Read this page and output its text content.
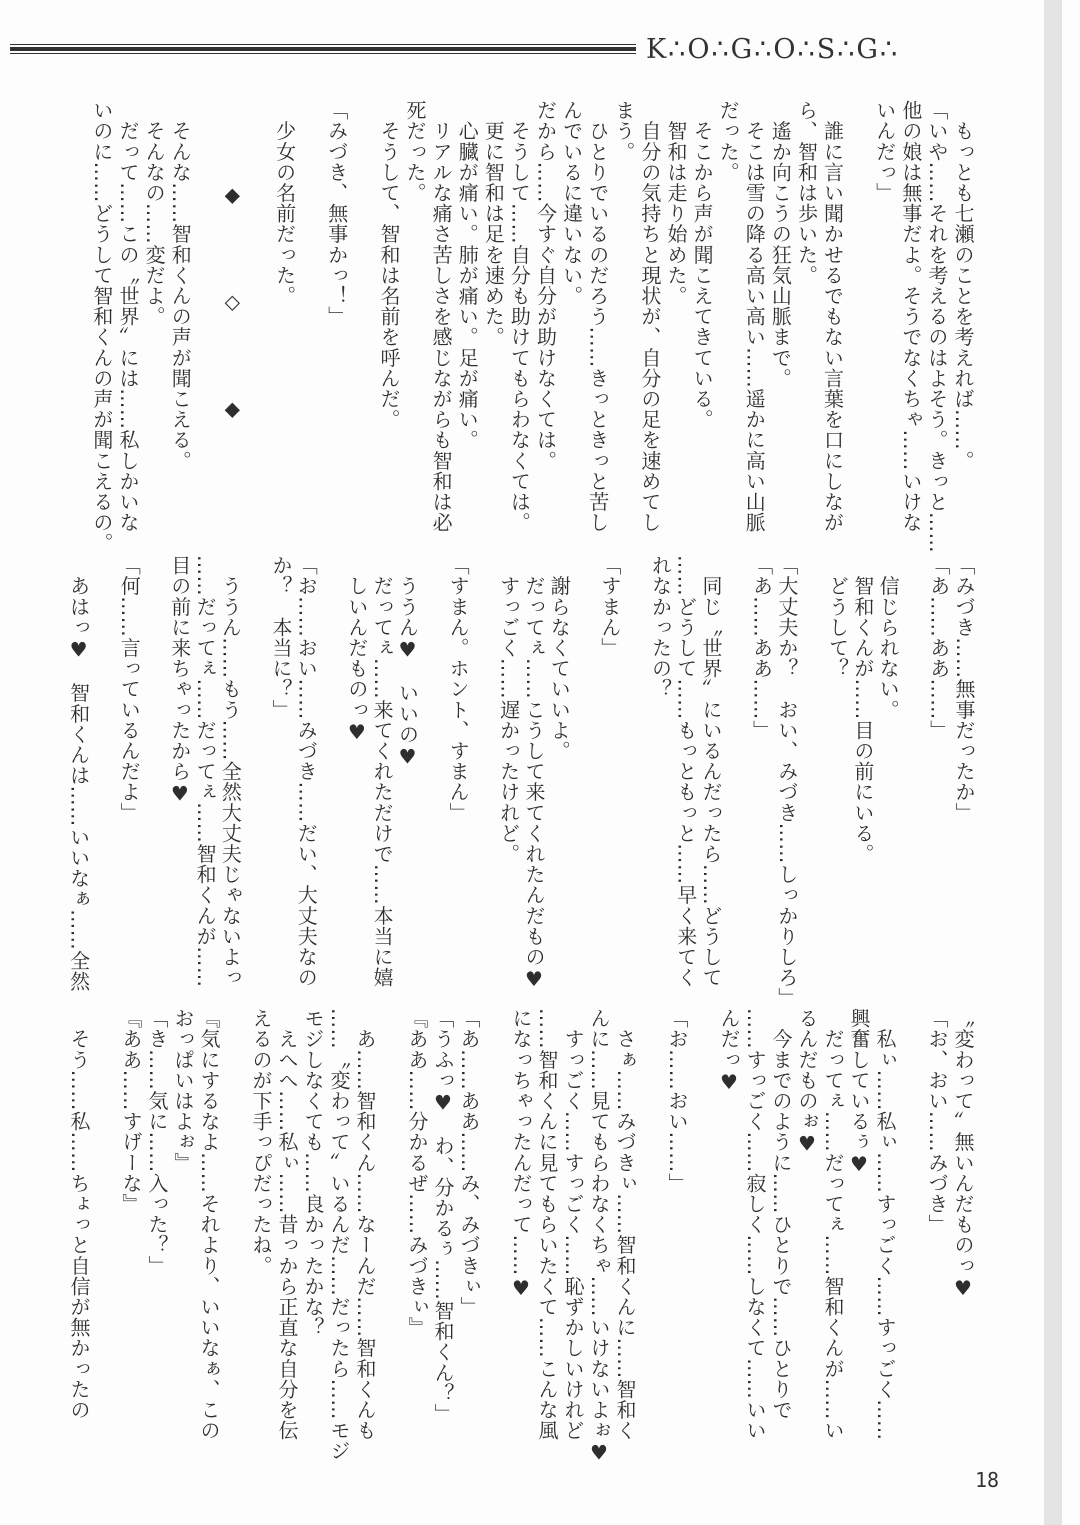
K∴O∴G∴O∴S∴G∴
　もっとも七瀬のことを考えれば……。
「いや……それを考えるのはよそう。きっと……
他の娘は無事だよ。そうでなくちゃ……いけな
いんだっ」
　誰に言い聞かせるでもない言葉を口にしなが
ら、智和は歩いた。
　遙か向こうの狂気山脈まで。
　そこは雪の降る高い高い……遥かに高い山脈
だった。
　そこから声が聞こえてきている。
　智和は走り始めた。
　自分の気持ちと現状が、自分の足を速めてし
まう。
　ひとりでいるのだろう……きっときっと苦し
んでいるに違いない。
だから……今すぐ自分が助けなくては。
　そうして……自分も助けてもらわなくては。
　更に智和は足を速めた。
　心臓が痛い。肺が痛い。足が痛い。
　リアルな痛さ苦しさを感じながらも智和は必
死だった。
　そうして、智和は名前を呼んだ。
「みづき、無事かっ！」
　少女の名前だった。
　　　　◆　　　　◇　　　　◆
　そんな……智和くんの声が聞こえる。
　そんなの……変だよ。
　だって……この〝世界〟には……私しかいな
いのに……どうして智和くんの声が聞こえるの。
「みづき……無事だったか」
「あ……ああ……」
　信じられない。
　智和くんが……目の前にいる。
　どうして？
「大丈夫か？　おい、みづき……しっかりしろ」
「あ……ああ……」
　同じ〝世界〟にいるんだったら……どうして
……どうして……もっともっと……早く来てく
れなかったの？
「すまん」
　謝らなくていいよ。
　だってぇ……こうして来てくれたんだもの♥
　すっごく……遅かったけれど。
「すまん。ホント、すまん」
　ううん♥　いいの♥
　だってぇ……来てくれただけで……本当に嬉
　しいんだものっ♥
「お……おい……みづき……だい、大丈夫なの
か？　本当に？」
　ううん……もう……全然大丈夫じゃないよっ
……だってぇ……だってぇ……智和くんが……
目の前に来ちゃったから♥
「何……言っているんだよ」
　あはっ♥　智和くんは……いいなぁ……全然
〝変わって〟無いんだものっ♥
「お、おい……みづき」
　私ぃ……私ぃ……すっごく……すっごく……
興奮しているぅ♥
　だってぇ……だってぇ……智和くんが……い
るんだものぉ♥
　今までのように……ひとりで……ひとりで
……すっごく……寂しく……しなくて……いい
んだっ♥
「お……おい……」
　さぁ……みづきぃ……智和くんに……智和く
んに……見てもらわなくちゃ……いけないよぉ♥
　すっごく……すっごく……恥ずかしいけれど
……智和くんに見てもらいたくて……こんな風
になっちゃったんだって……♥
「あ……ああ……み、みづきぃ」
「うふっ♥　わ、分かるぅ……智和くん？」
『ああ……分かるぜ……みづきぃ』
　あ……智和くん……なーんだ……智和くんも
……〝変わって〟いるんだ……だったら……モジ
モジしなくても……良かったかな？
　えへへ……私ぃ……昔っから正直な自分を伝
えるのが下手っぴだったね。
『気にするなよ……それより、いいなぁ、この
おっぱいはよぉ』
「き……気に……入った？」
『ああ……すげーな』
　そう……私……ちょっと自信が無かったの
18
